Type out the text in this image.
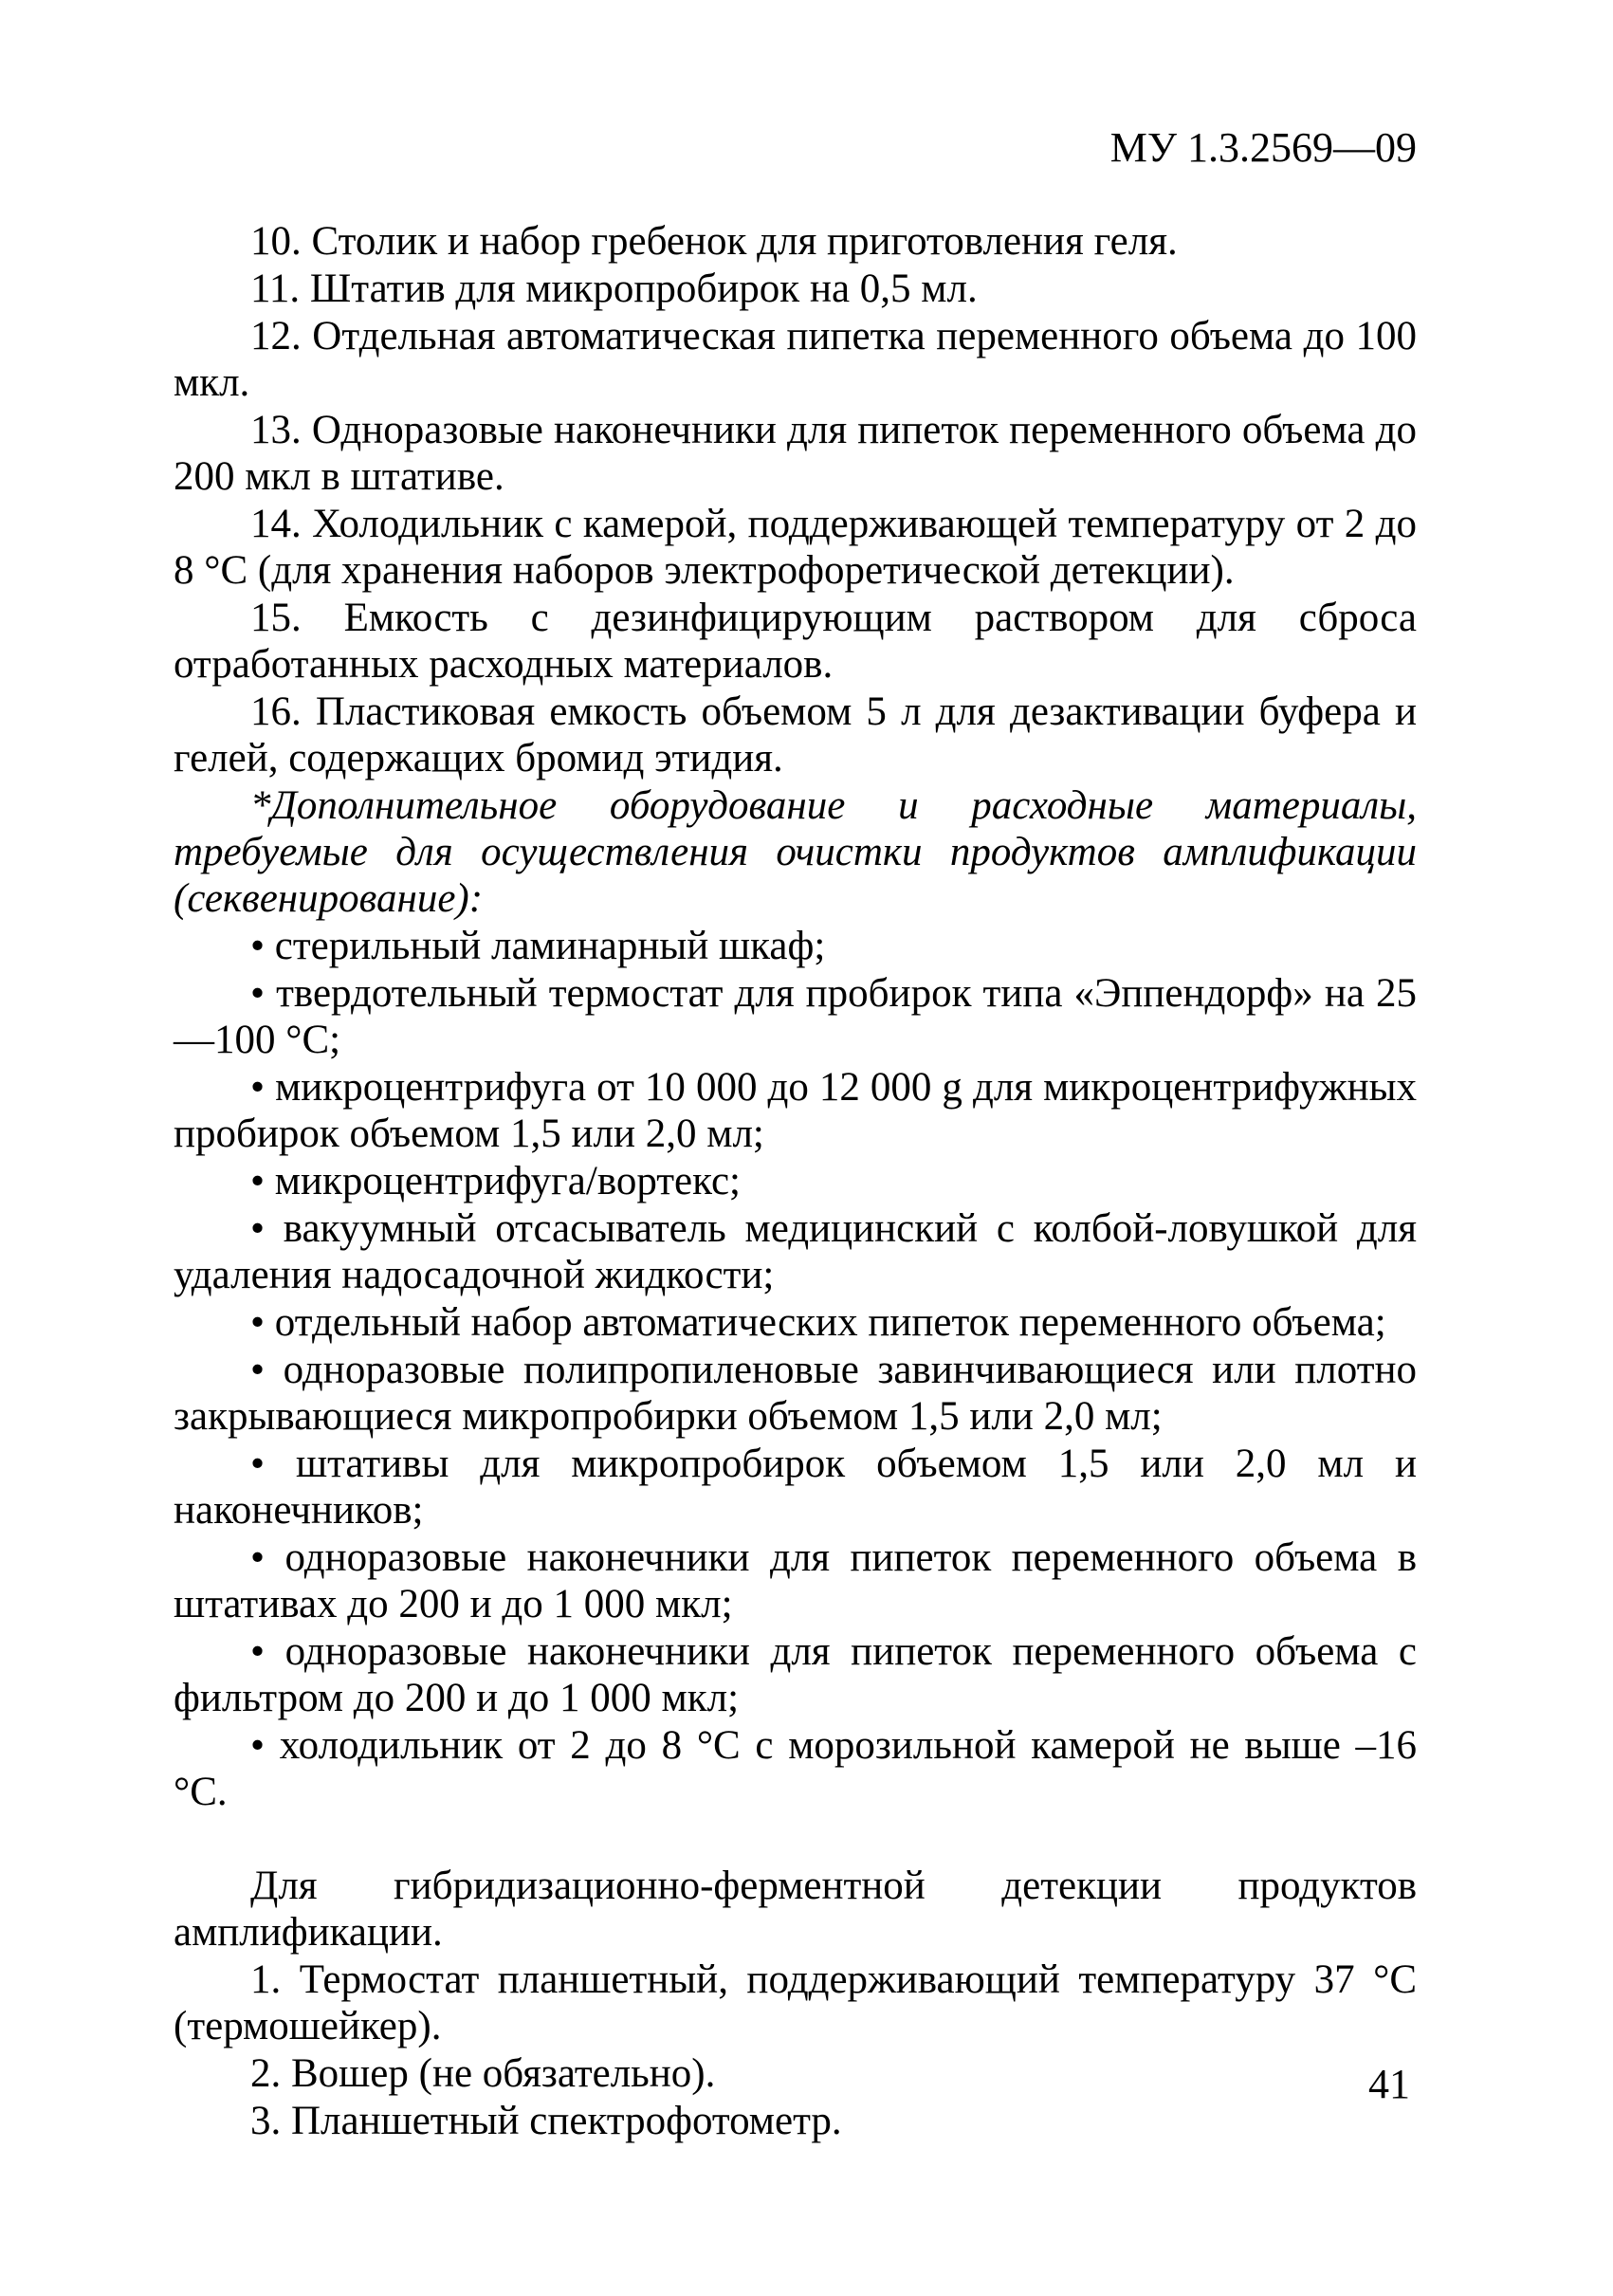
МУ 1.3.2569—09

10. Столик и набор гребенок для приготовления геля.

11. Штатив для микропробирок на 0,5 мл.

12. Отдельная автоматическая пипетка переменного объема до 100 мкл.

13. Одноразовые наконечники для пипеток переменного объема до 200 мкл в штативе.

14. Холодильник с камерой, поддерживающей температуру от 2 до 8 °С (для хранения наборов электрофоретической детекции).

15. Емкость с дезинфицирующим раствором для сброса отработанных расходных материалов.

16. Пластиковая емкость объемом 5 л для дезактивации буфера и гелей, содержащих бромид этидия.

*Дополнительное оборудование и расходные материалы, требуемые для осуществления очистки продуктов амплификации (секвенирование):

• стерильный ламинарный шкаф;

• твердотельный термостат для пробирок типа «Эппендорф» на 25—100 °С;

• микроцентрифуга от 10 000 до 12 000 g для микроцентрифужных пробирок объемом 1,5 или 2,0 мл;

• микроцентрифуга/вортекс;

• вакуумный отсасыватель медицинский с колбой-ловушкой для удаления надосадочной жидкости;

• отдельный набор автоматических пипеток переменного объема;

• одноразовые полипропиленовые завинчивающиеся или плотно закрывающиеся микропробирки объемом 1,5 или 2,0 мл;

• штативы для микропробирок объемом 1,5 или 2,0 мл и наконечников;

• одноразовые наконечники для пипеток переменного объема в штативах до 200 и до 1 000 мкл;

• одноразовые наконечники для пипеток переменного объема с фильтром до 200 и до 1 000 мкл;

• холодильник от 2 до 8 °С с морозильной камерой не выше –16 °С.

Для гибридизационно-ферментной детекции продуктов амплификации.

1. Термостат планшетный, поддерживающий температуру 37 °С (термошейкер).

2. Вошер (не обязательно).

3. Планшетный спектрофотометр.

41
